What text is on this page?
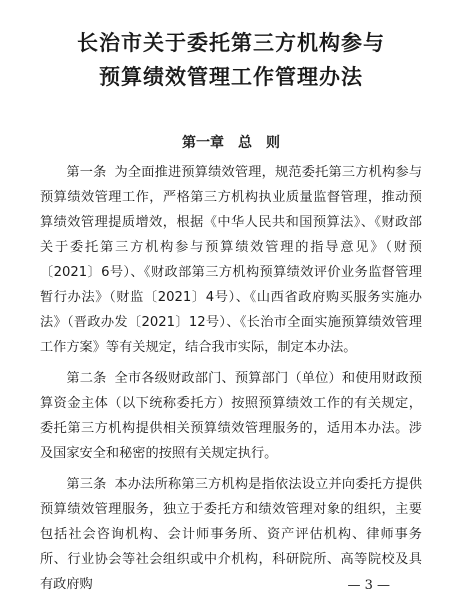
长治市关于委托第三方机构参与
预算绩效管理工作管理办法
第一章　总　则

第一条 为全面推进预算绩效管理，规范委托第三方机构参与预算绩效管理工作，严格第三方机构执业质量监督管理，推动预算绩效管理提质增效，根据《中华人民共和国预算法》、《财政部关于委托第三方机构参与预算绩效管理的指导意见》（财预〔2021〕6号）、《财政部第三方机构预算绩效评价业务监督管理暂行办法》（财监〔2021〕4号）、《山西省政府购买服务实施办法》（晋政办发〔2021〕12号）、《长治市全面实施预算绩效管理工作方案》等有关规定，结合我市实际，制定本办法。

第二条 全市各级财政部门、预算部门（单位）和使用财政预算资金主体（以下统称委托方）按照预算绩效工作的有关规定，委托第三方机构提供相关预算绩效管理服务的，适用本办法。涉及国家安全和秘密的按照有关规定执行。

第三条 本办法所称第三方机构是指依法设立并向委托方提供预算绩效管理服务，独立于委托方和绩效管理对象的组织，主要包括社会咨询机构、会计师事务所、资产评估机构、律师事务所、行业协会等社会组织或中介机构，科研院所、高等院校及具有政府购	— 3 —
